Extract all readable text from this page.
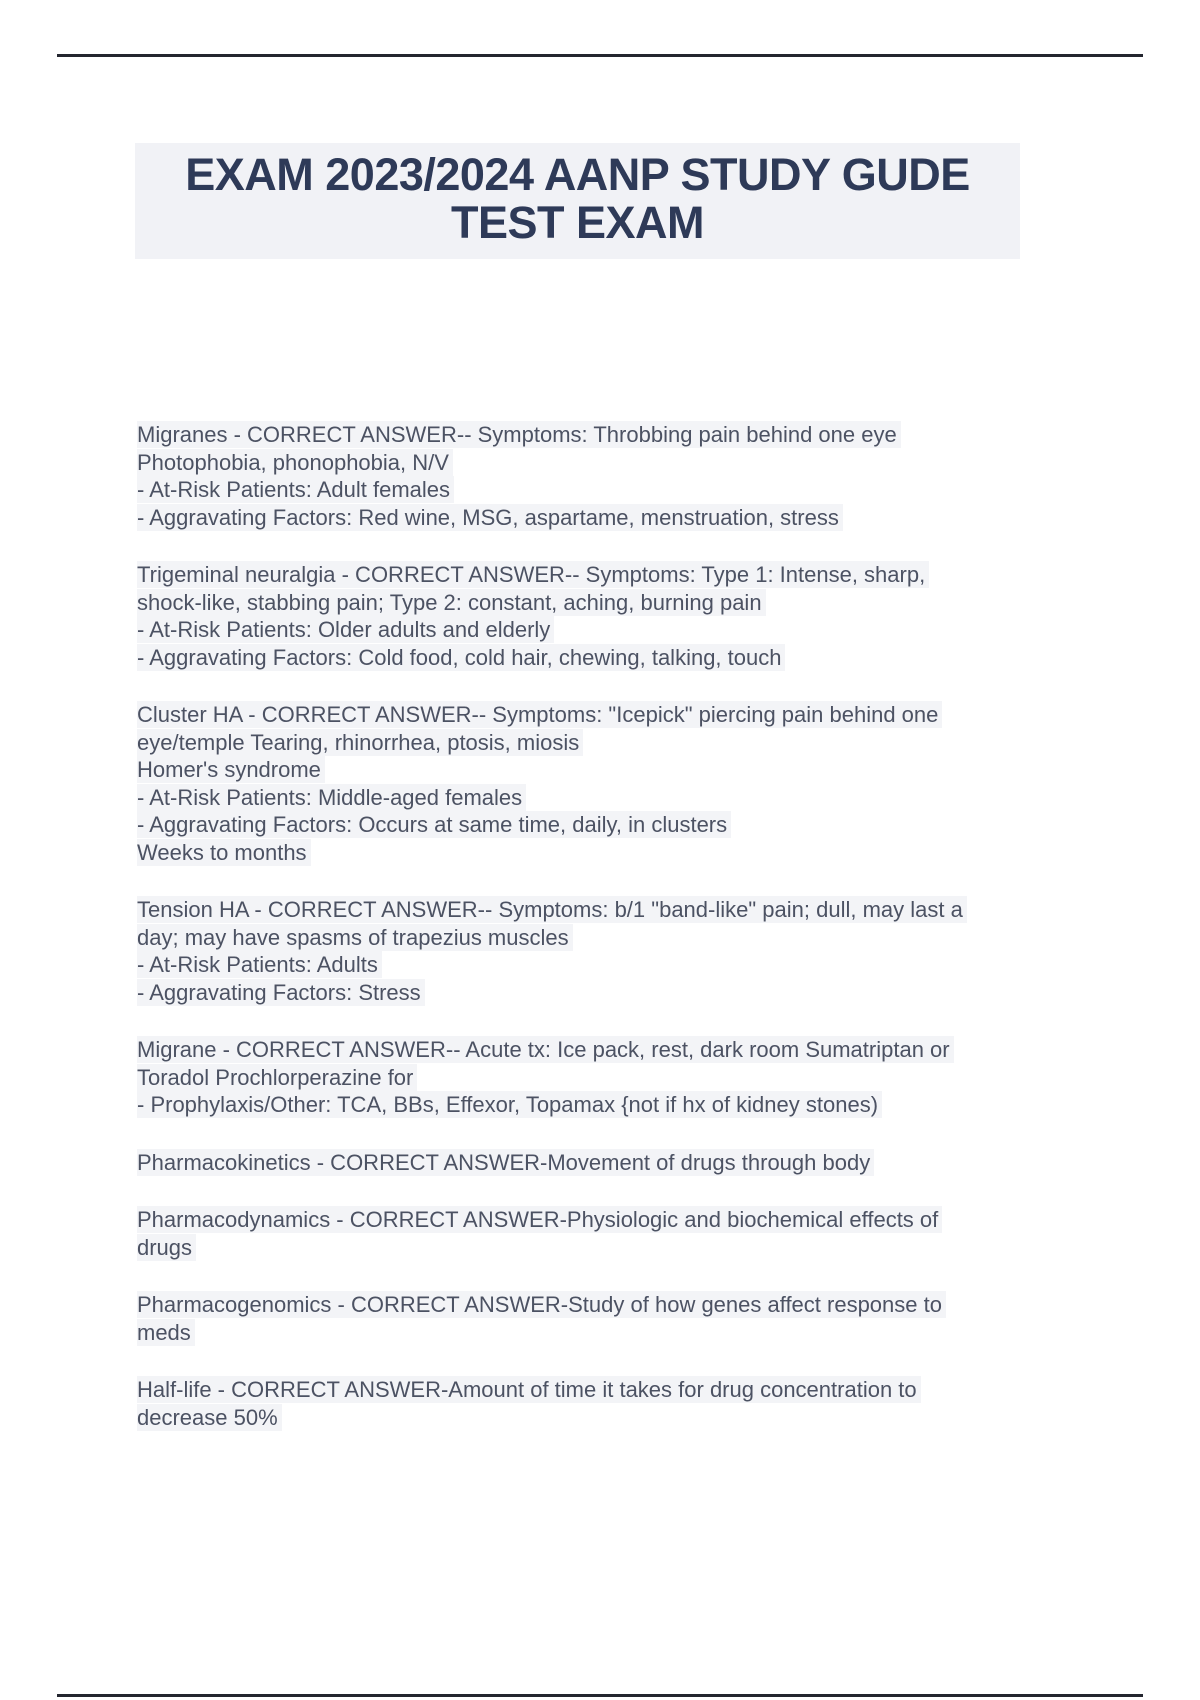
EXAM 2023/2024 AANP STUDY GUDE
TEST EXAM
Migranes - CORRECT ANSWER-- Symptoms: Throbbing pain behind one eye
Photophobia, phonophobia, N/V
- At-Risk Patients: Adult females
- Aggravating Factors: Red wine, MSG, aspartame, menstruation, stress
Trigeminal neuralgia - CORRECT ANSWER-- Symptoms: Type 1: Intense, sharp,
shock-like, stabbing pain; Type 2: constant, aching, burning pain
- At-Risk Patients: Older adults and elderly
- Aggravating Factors: Cold food, cold hair, chewing, talking, touch
Cluster HA - CORRECT ANSWER-- Symptoms: "Icepick" piercing pain behind one
eye/temple Tearing, rhinorrhea, ptosis, miosis
Homer's syndrome
- At-Risk Patients: Middle-aged females
- Aggravating Factors: Occurs at same time, daily, in clusters
Weeks to months
Tension HA - CORRECT ANSWER-- Symptoms: b/1 "band-like" pain; dull, may last a
day; may have spasms of trapezius muscles
- At-Risk Patients: Adults
- Aggravating Factors: Stress
Migrane - CORRECT ANSWER-- Acute tx: Ice pack, rest, dark room Sumatriptan or
Toradol Prochlorperazine for
- Prophylaxis/Other: TCA, BBs, Effexor, Topamax {not if hx of kidney stones)
Pharmacokinetics - CORRECT ANSWER-Movement of drugs through body
Pharmacodynamics - CORRECT ANSWER-Physiologic and biochemical effects of
drugs
Pharmacogenomics - CORRECT ANSWER-Study of how genes affect response to
meds
Half-life - CORRECT ANSWER-Amount of time it takes for drug concentration to
decrease 50%
